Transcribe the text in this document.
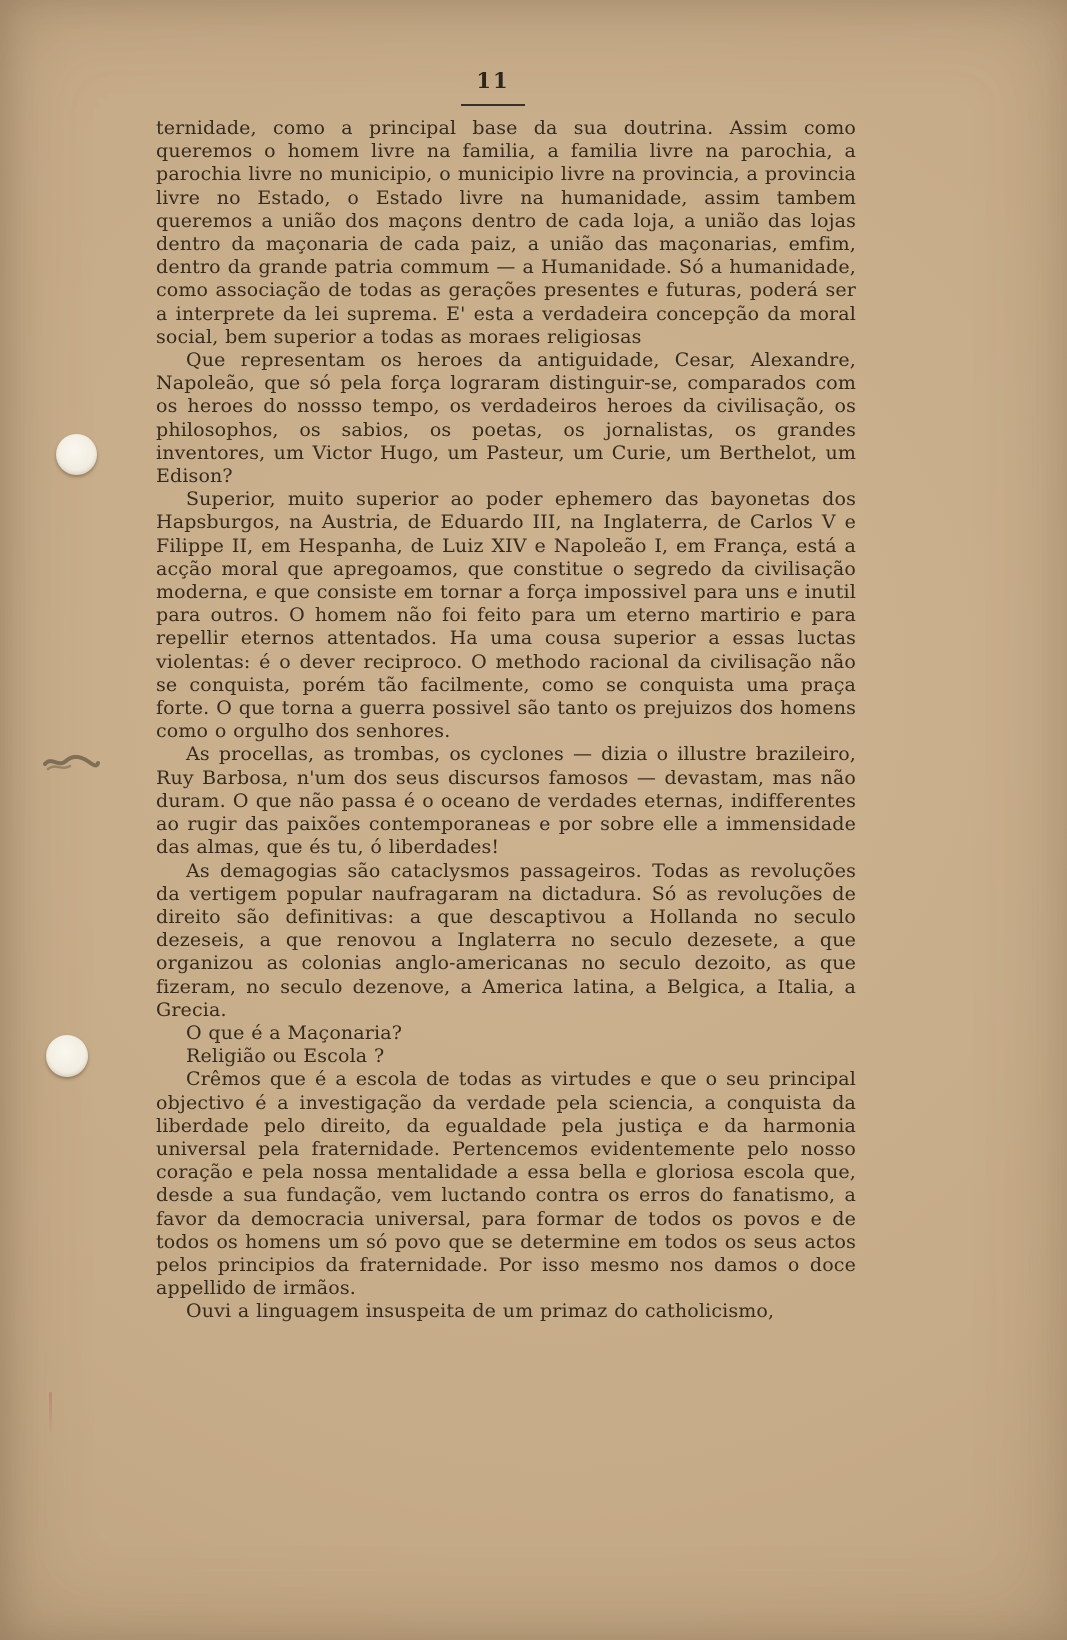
11

ternidade, como a principal base da sua doutrina. Assim como queremos o homem livre na familia, a familia livre na parochia, a parochia livre no municipio, o municipio livre na provincia, a provincia livre no Estado, o Estado livre na humanidade, assim tambem queremos a união dos maçons dentro de cada loja, a união das lojas dentro da maçonaria de cada paiz, a união das maçonarias, emfim, dentro da grande patria commum — a Humanidade. Só a humanidade, como associação de todas as gerações presentes e futuras, poderá ser a interprete da lei suprema. E' esta a verdadeira concepção da moral social, bem superior a todas as moraes religiosas

Que representam os heroes da antiguidade, Cesar, Alexandre, Napoleão, que só pela força lograram distinguir-se, comparados com os heroes do nossso tempo, os verdadeiros heroes da civilisação, os philosophos, os sabios, os poetas, os jornalistas, os grandes inventores, um Victor Hugo, um Pasteur, um Curie, um Berthelot, um Edison?

Superior, muito superior ao poder ephemero das bayonetas dos Hapsburgos, na Austria, de Eduardo III, na Inglaterra, de Carlos V e Filippe II, em Hespanha, de Luiz XIV e Napoleão I, em França, está a acção moral que apregoamos, que constitue o segredo da civilisação moderna, e que consiste em tornar a força impossivel para uns e inutil para outros. O homem não foi feito para um eterno martirio e para repellir eternos attentados. Ha uma cousa superior a essas luctas violentas: é o dever reciproco. O methodo racional da civilisação não se conquista, porém tão facilmente, como se conquista uma praça forte. O que torna a guerra possivel são tanto os prejuizos dos homens como o orgulho dos senhores.

As procellas, as trombas, os cyclones — dizia o illustre brazileiro, Ruy Barbosa, n'um dos seus discursos famosos — devastam, mas não duram. O que não passa é o oceano de verdades eternas, indifferentes ao rugir das paixões contemporaneas e por sobre elle a immensidade das almas, que és tu, ó liberdades!

As demagogias são cataclysmos passageiros. Todas as revoluções da vertigem popular naufragaram na dictadura. Só as revoluções de direito são definitivas: a que descaptivou a Hollanda no seculo dezeseis, a que renovou a Inglaterra no seculo dezesete, a que organizou as colonias anglo-americanas no seculo dezoito, as que fizeram, no seculo dezenove, a America latina, a Belgica, a Italia, a Grecia.

O que é a Maçonaria?

Religião ou Escola ?

Crêmos que é a escola de todas as virtudes e que o seu principal objectivo é a investigação da verdade pela sciencia, a conquista da liberdade pelo direito, da egualdade pela justiça e da harmonia universal pela fraternidade. Pertencemos evidentemente pelo nosso coração e pela nossa mentalidade a essa bella e gloriosa escola que, desde a sua fundação, vem luctando contra os erros do fanatismo, a favor da democracia universal, para formar de todos os povos e de todos os homens um só povo que se determine em todos os seus actos pelos principios da fraternidade. Por isso mesmo nos damos o doce appellido de irmãos.

Ouvi a linguagem insuspeita de um primaz do catholicismo,
